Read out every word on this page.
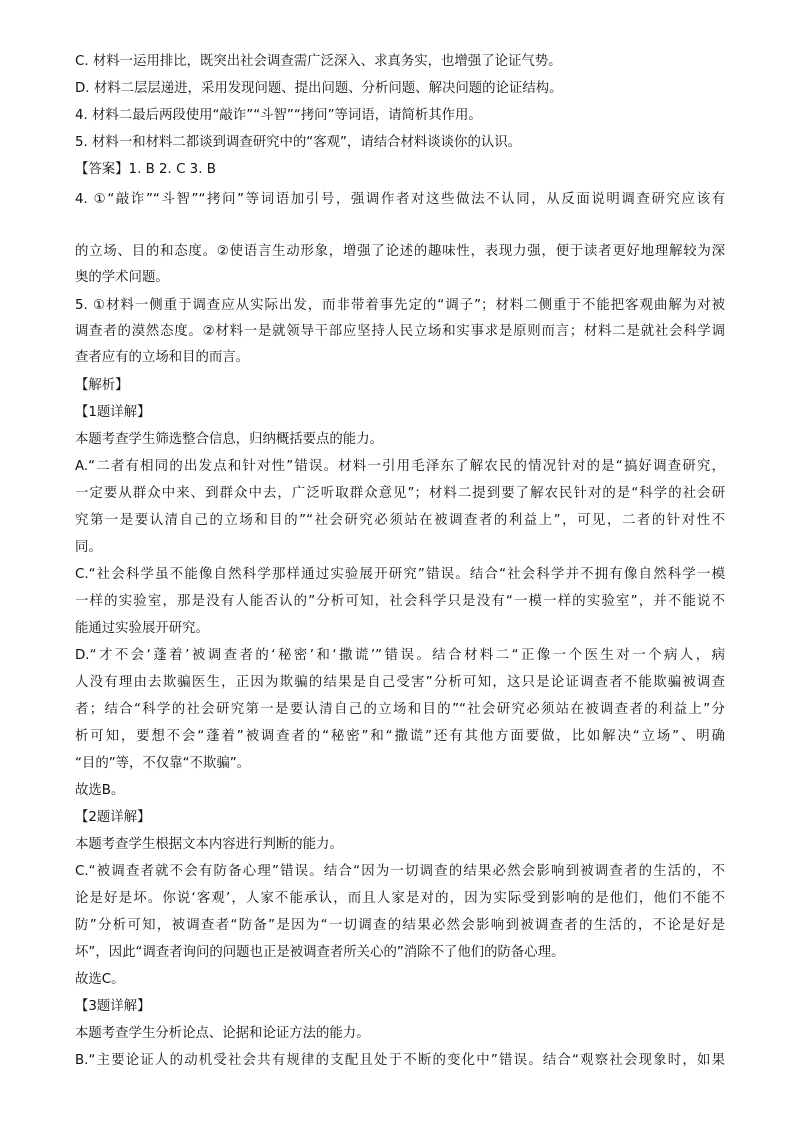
C. 材料一运用排比，既突出社会调查需广泛深入、求真务实，也增强了论证气势。
D. 材料二层层递进，采用发现问题、提出问题、分析问题、解决问题的论证结构。
4. 材料二最后两段使用“敲诈”“斗智”“拷问”等词语，请简析其作用。
5. 材料一和材料二都谈到调查研究中的“客观”，请结合材料谈谈你的认识。
【答案】1. B 2. C 3. B
4. ①“敲诈”“斗智”“拷问”等词语加引号，强调作者对这些做法不认同，从反面说明调查研究应该有
的立场、目的和态度。②使语言生动形象，增强了论述的趣味性，表现力强，便于读者更好地理解较为深
奥的学术问题。
5. ①材料一侧重于调查应从实际出发，而非带着事先定的“调子”；材料二侧重于不能把客观曲解为对被
调查者的漠然态度。②材料一是就领导干部应坚持人民立场和实事求是原则而言；材料二是就社会科学调
查者应有的立场和目的而言。
【解析】
【1题详解】
本题考查学生筛选整合信息，归纳概括要点的能力。
A.“二者有相同的出发点和针对性”错误。材料一引用毛泽东了解农民的情况针对的是“搞好调查研究，
一定要从群众中来、到群众中去，广泛听取群众意见”；材料二提到要了解农民针对的是“科学的社会研
究第一是要认清自己的立场和目的”“社会研究必须站在被调查者的利益上”，可见，二者的针对性不
同。
C.“社会科学虽不能像自然科学那样通过实验展开研究”错误。结合“社会科学并不拥有像自然科学一模
一样的实验室，那是没有人能否认的”分析可知，社会科学只是没有“一模一样的实验室”，并不能说不
能通过实验展开研究。
D.“才不会‘蓬着’被调查者的‘秘密’和‘撒谎’”错误。结合材料二“正像一个医生对一个病人，病
人没有理由去欺骗医生，正因为欺骗的结果是自己受害”分析可知，这只是论证调查者不能欺骗被调查
者；结合“科学的社会研究第一是要认清自己的立场和目的”“社会研究必须站在被调查者的利益上”分
析可知，要想不会“蓬着”被调查者的“秘密”和“撒谎”还有其他方面要做，比如解决“立场”、明确
“目的”等，不仅靠“不欺骗”。
故选B。
【2题详解】
本题考查学生根据文本内容进行判断的能力。
C.“被调查者就不会有防备心理”错误。结合“因为一切调查的结果必然会影响到被调查者的生活的，不
论是好是坏。你说‘客观’，人家不能承认，而且人家是对的，因为实际受到影响的是他们，他们不能不
防”分析可知，被调查者“防备”是因为“一切调查的结果必然会影响到被调查者的生活的，不论是好是
坏”，因此“调查者询问的问题也正是被调查者所关心的”消除不了他们的防备心理。
故选C。
【3题详解】
本题考查学生分析论点、论据和论证方法的能力。
B.“主要论证人的动机受社会共有规律的支配且处于不断的变化中”错误。结合“观察社会现象时，如果
